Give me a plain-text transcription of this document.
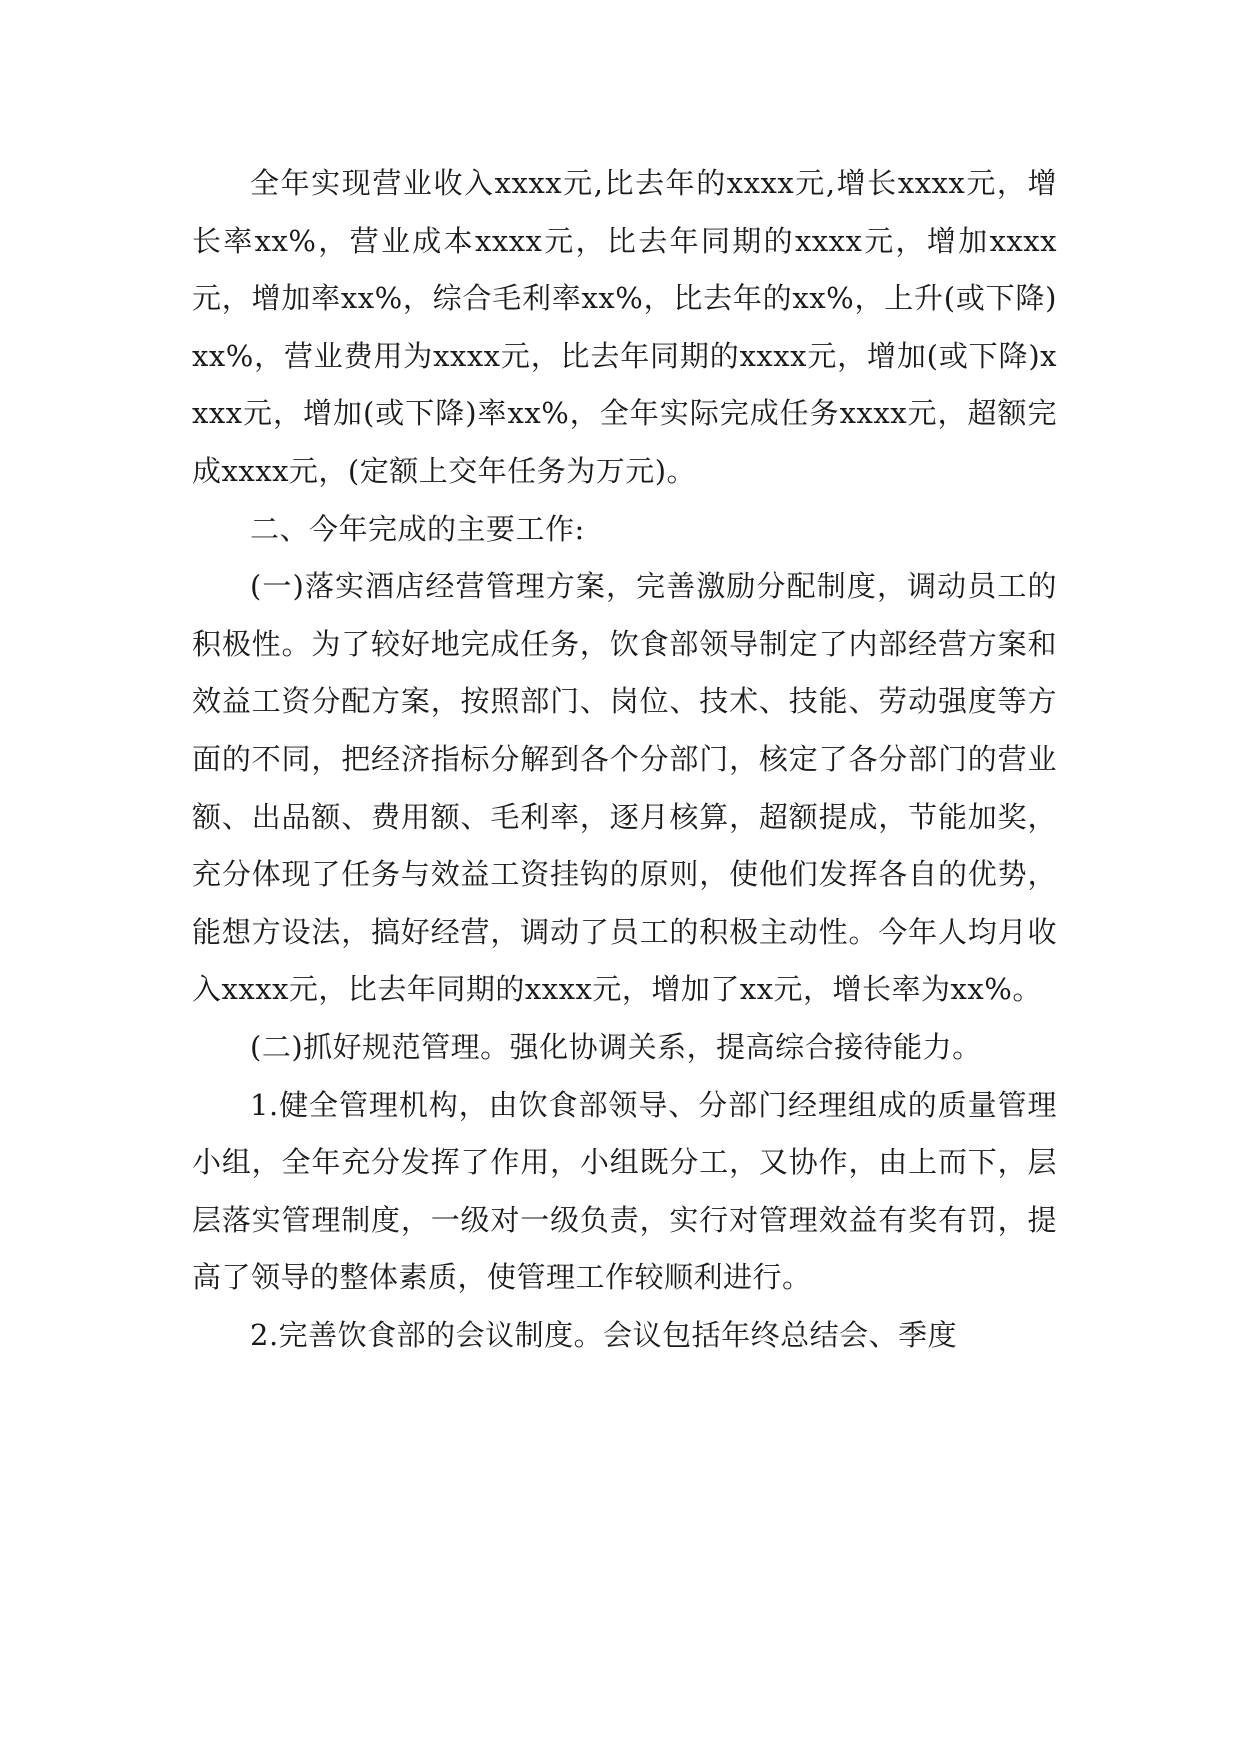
全年实现营业收入xxxx元,比去年的xxxx元,增长xxxx元，增长率xx%，营业成本xxxx元，比去年同期的xxxx元，增加xxxx元，增加率xx%，综合毛利率xx%，比去年的xx%，上升(或下降)xx%，营业费用为xxxx元，比去年同期的xxxx元，增加(或下降)xxxx元，增加(或下降)率xx%，全年实际完成任务xxxx元，超额完成xxxx元，(定额上交年任务为万元)。

二、今年完成的主要工作:

(一)落实酒店经营管理方案，完善激励分配制度，调动员工的积极性。为了较好地完成任务，饮食部领导制定了内部经营方案和效益工资分配方案，按照部门、岗位、技术、技能、劳动强度等方面的不同，把经济指标分解到各个分部门，核定了各分部门的营业额、出品额、费用额、毛利率，逐月核算，超额提成，节能加奖，充分体现了任务与效益工资挂钩的原则，使他们发挥各自的优势，能想方设法，搞好经营，调动了员工的积极主动性。今年人均月收入xxxx元，比去年同期的xxxx元，增加了xx元，增长率为xx%。

(二)抓好规范管理。强化协调关系，提高综合接待能力。

1.健全管理机构，由饮食部领导、分部门经理组成的质量管理小组，全年充分发挥了作用，小组既分工，又协作，由上而下，层层落实管理制度，一级对一级负责，实行对管理效益有奖有罚，提高了领导的整体素质，使管理工作较顺利进行。

2.完善饮食部的会议制度。会议包括年终总结会、季度
